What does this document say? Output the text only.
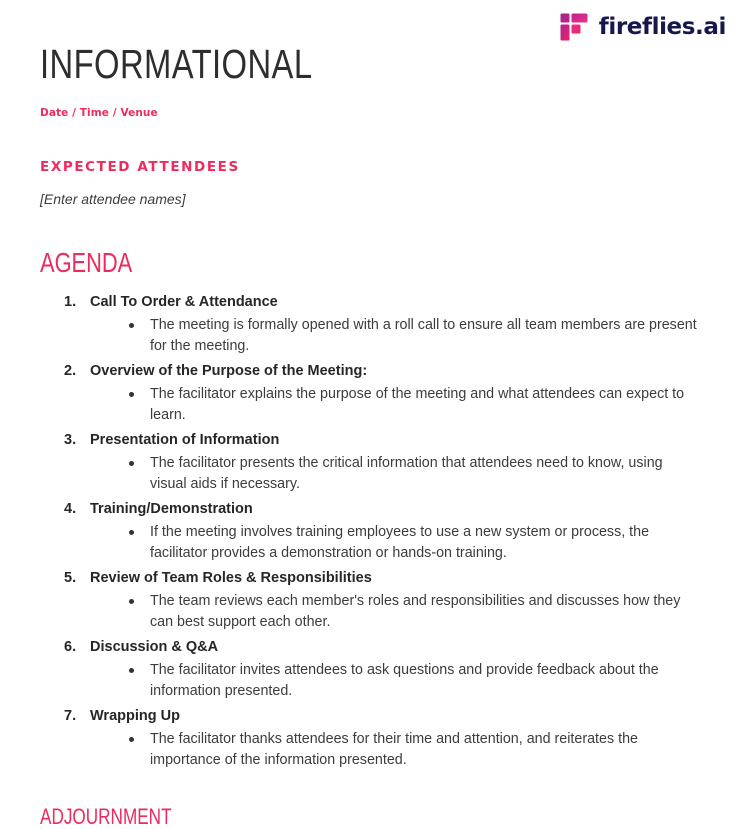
fireflies.ai
INFORMATIONAL

Date / Time / Venue

EXPECTED ATTENDEES

[Enter attendee names]

AGENDA

Call To Order & Attendance

The meeting is formally opened with a roll call to ensure all team members are present for the meeting.

Overview of the Purpose of the Meeting:

The facilitator explains the purpose of the meeting and what attendees can expect to learn.

Presentation of Information

The facilitator presents the critical information that attendees need to know, using visual aids if necessary.

Training/Demonstration

If the meeting involves training employees to use a new system or process, the facilitator provides a demonstration or hands-on training.

Review of Team Roles & Responsibilities

The team reviews each member's roles and responsibilities and discusses how they can best support each other.

Discussion & Q&A

The facilitator invites attendees to ask questions and provide feedback about the information presented.

Wrapping Up

The facilitator thanks attendees for their time and attention, and reiterates the importance of the information presented.
ADJOURNMENT
